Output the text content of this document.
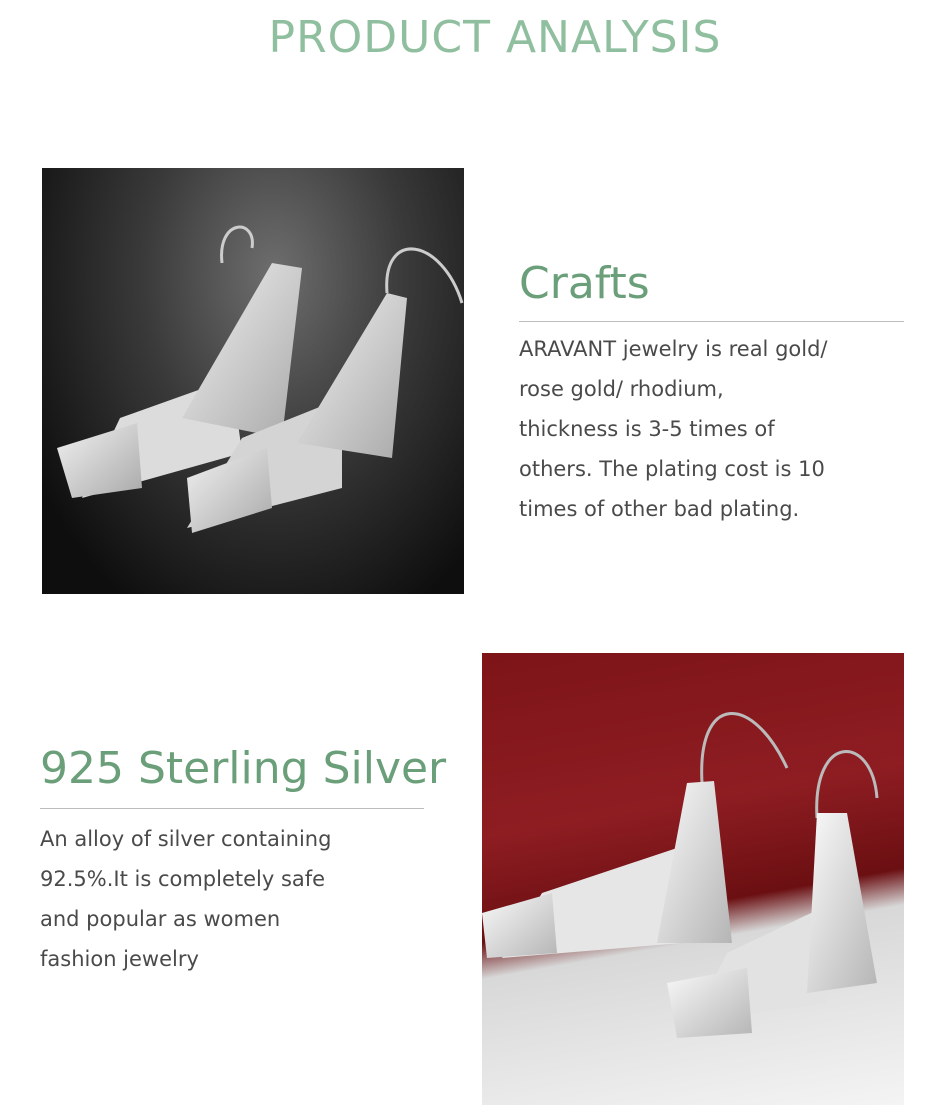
PRODUCT ANALYSIS
Crafts
ARAVANT jewelry is real gold/
rose gold/ rhodium,
thickness is 3-5 times of
others. The plating cost is 10
times of other bad plating.
925 Sterling Silver
An alloy of silver containing
92.5%.It is completely safe
and popular as women
fashion jewelry
